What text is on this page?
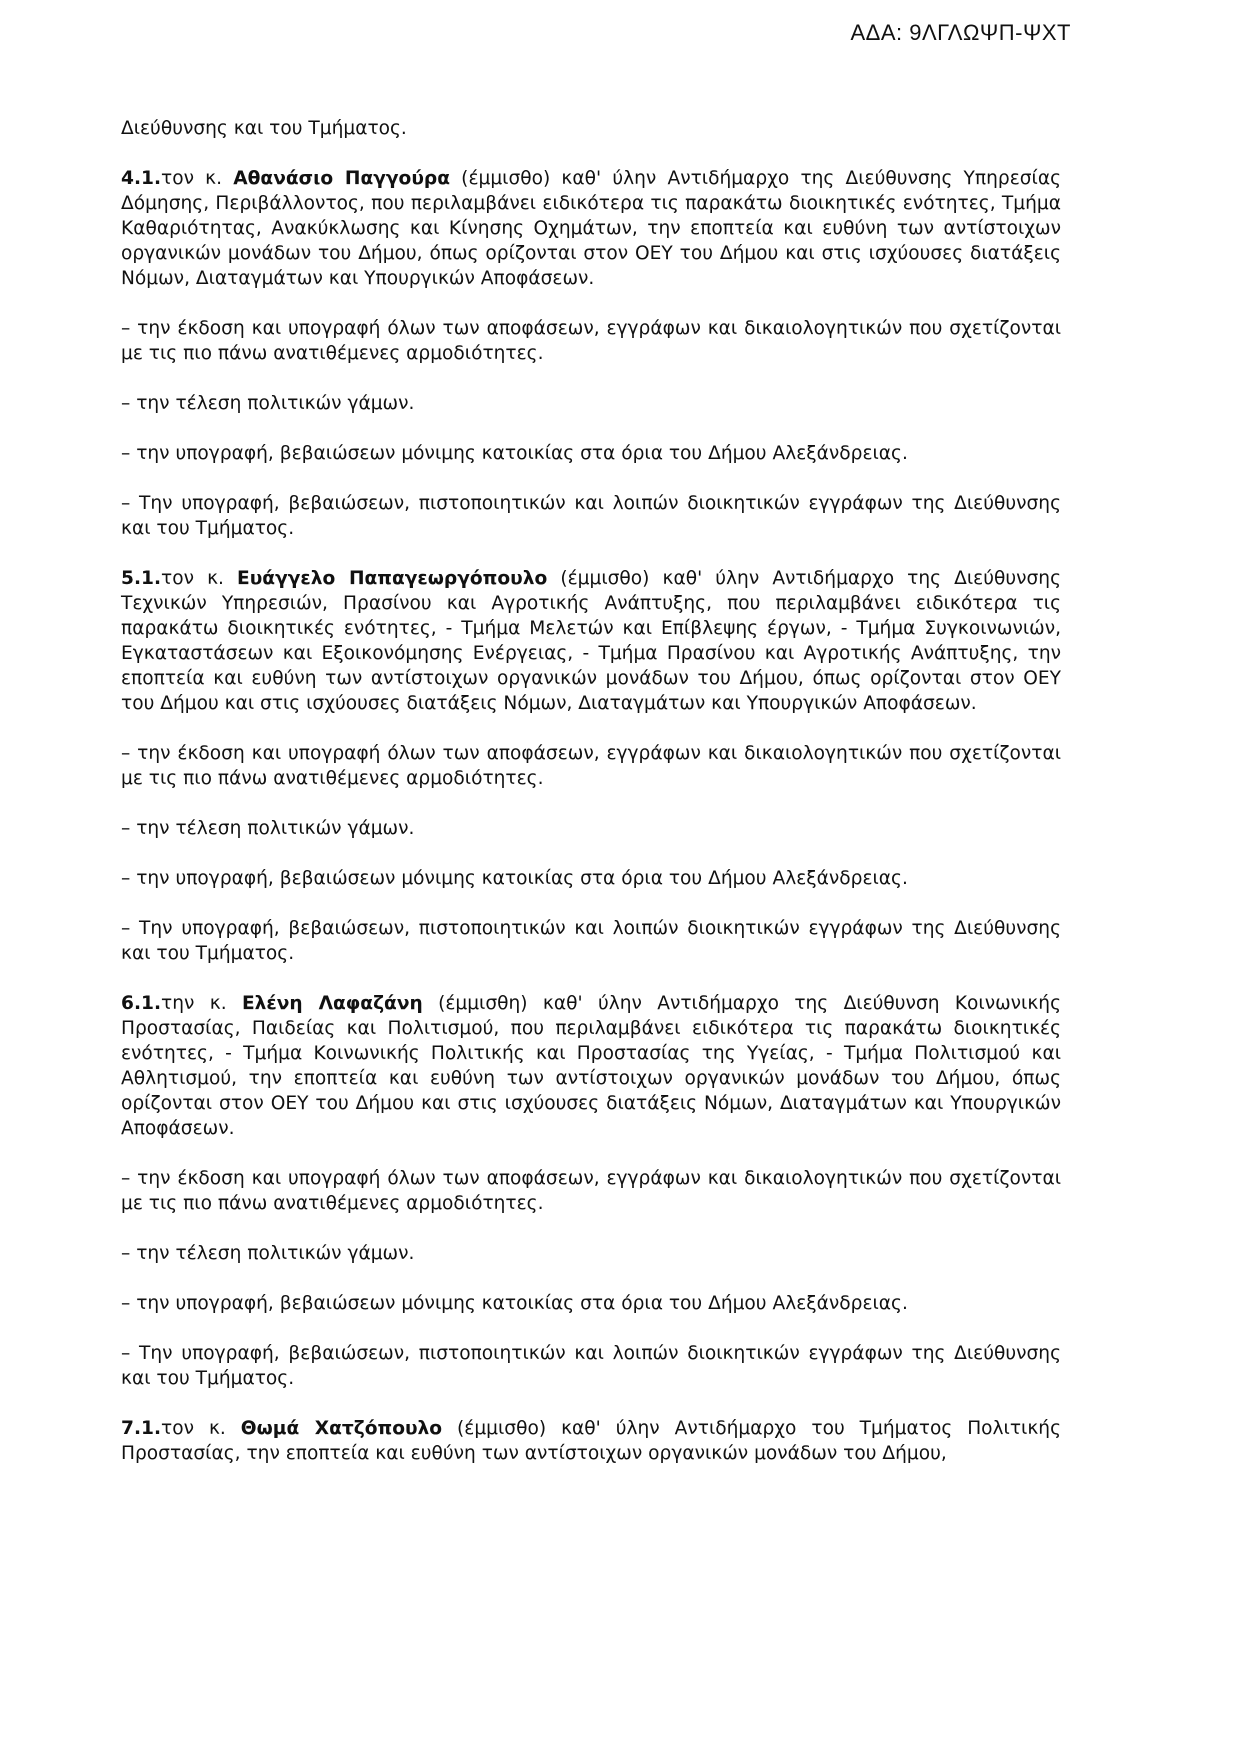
ΑΔΑ: 9ΛΓΛΩΨΠ-ΨΧΤ

Διεύθυνσης και του Τμήματος.

4.1.τον κ. Αθανάσιο Παγγούρα (έμμισθο) καθ' ύλην Αντιδήμαρχο της Διεύθυνσης Υπηρεσίας Δόμησης, Περιβάλλοντος, που περιλαμβάνει ειδικότερα τις παρακάτω διοικητικές ενότητες, Τμήμα Καθαριότητας, Ανακύκλωσης και Κίνησης Οχημάτων, την εποπτεία και ευθύνη των αντίστοιχων οργανικών μονάδων του Δήμου, όπως ορίζονται στον ΟΕΥ του Δήμου και στις ισχύουσες διατάξεις Νόμων, Διαταγμάτων και Υπουργικών Αποφάσεων.

– την έκδοση και υπογραφή όλων των αποφάσεων, εγγράφων και δικαιολογητικών που σχετίζονται με τις πιο πάνω ανατιθέμενες αρμοδιότητες.

– την τέλεση πολιτικών γάμων.

– την υπογραφή, βεβαιώσεων μόνιμης κατοικίας στα όρια του Δήμου Αλεξάνδρειας.

– Την υπογραφή, βεβαιώσεων, πιστοποιητικών και λοιπών διοικητικών εγγράφων της Διεύθυνσης και του Τμήματος.

5.1.τον κ. Ευάγγελο Παπαγεωργόπουλο (έμμισθο) καθ' ύλην Αντιδήμαρχο της Διεύθυνσης Τεχνικών Υπηρεσιών, Πρασίνου και Αγροτικής Ανάπτυξης, που περιλαμβάνει ειδικότερα τις παρακάτω διοικητικές ενότητες, - Τμήμα Μελετών και Επίβλεψης έργων, - Τμήμα Συγκοινωνιών, Εγκαταστάσεων και Εξοικονόμησης Ενέργειας, - Τμήμα Πρασίνου και Αγροτικής Ανάπτυξης, την εποπτεία και ευθύνη των αντίστοιχων οργανικών μονάδων του Δήμου, όπως ορίζονται στον ΟΕΥ του Δήμου και στις ισχύουσες διατάξεις Νόμων, Διαταγμάτων και Υπουργικών Αποφάσεων.

– την έκδοση και υπογραφή όλων των αποφάσεων, εγγράφων και δικαιολογητικών που σχετίζονται με τις πιο πάνω ανατιθέμενες αρμοδιότητες.

– την τέλεση πολιτικών γάμων.

– την υπογραφή, βεβαιώσεων μόνιμης κατοικίας στα όρια του Δήμου Αλεξάνδρειας.

– Την υπογραφή, βεβαιώσεων, πιστοποιητικών και λοιπών διοικητικών εγγράφων της Διεύθυνσης και του Τμήματος.

6.1.την κ. Ελένη Λαφαζάνη (έμμισθη) καθ' ύλην Αντιδήμαρχο της Διεύθυνση Κοινωνικής Προστασίας, Παιδείας και Πολιτισμού, που περιλαμβάνει ειδικότερα τις παρακάτω διοικητικές ενότητες, - Τμήμα Κοινωνικής Πολιτικής και Προστασίας της Υγείας, - Τμήμα Πολιτισμού και Αθλητισμού, την εποπτεία και ευθύνη των αντίστοιχων οργανικών μονάδων του Δήμου, όπως ορίζονται στον ΟΕΥ του Δήμου και στις ισχύουσες διατάξεις Νόμων, Διαταγμάτων και Υπουργικών Αποφάσεων.

– την έκδοση και υπογραφή όλων των αποφάσεων, εγγράφων και δικαιολογητικών που σχετίζονται με τις πιο πάνω ανατιθέμενες αρμοδιότητες.

– την τέλεση πολιτικών γάμων.

– την υπογραφή, βεβαιώσεων μόνιμης κατοικίας στα όρια του Δήμου Αλεξάνδρειας.

– Την υπογραφή, βεβαιώσεων, πιστοποιητικών και λοιπών διοικητικών εγγράφων της Διεύθυνσης και του Τμήματος.

7.1.τον κ. Θωμά Χατζόπουλο (έμμισθο) καθ' ύλην Αντιδήμαρχο του Τμήματος Πολιτικής Προστασίας, την εποπτεία και ευθύνη των αντίστοιχων οργανικών μονάδων του Δήμου,
